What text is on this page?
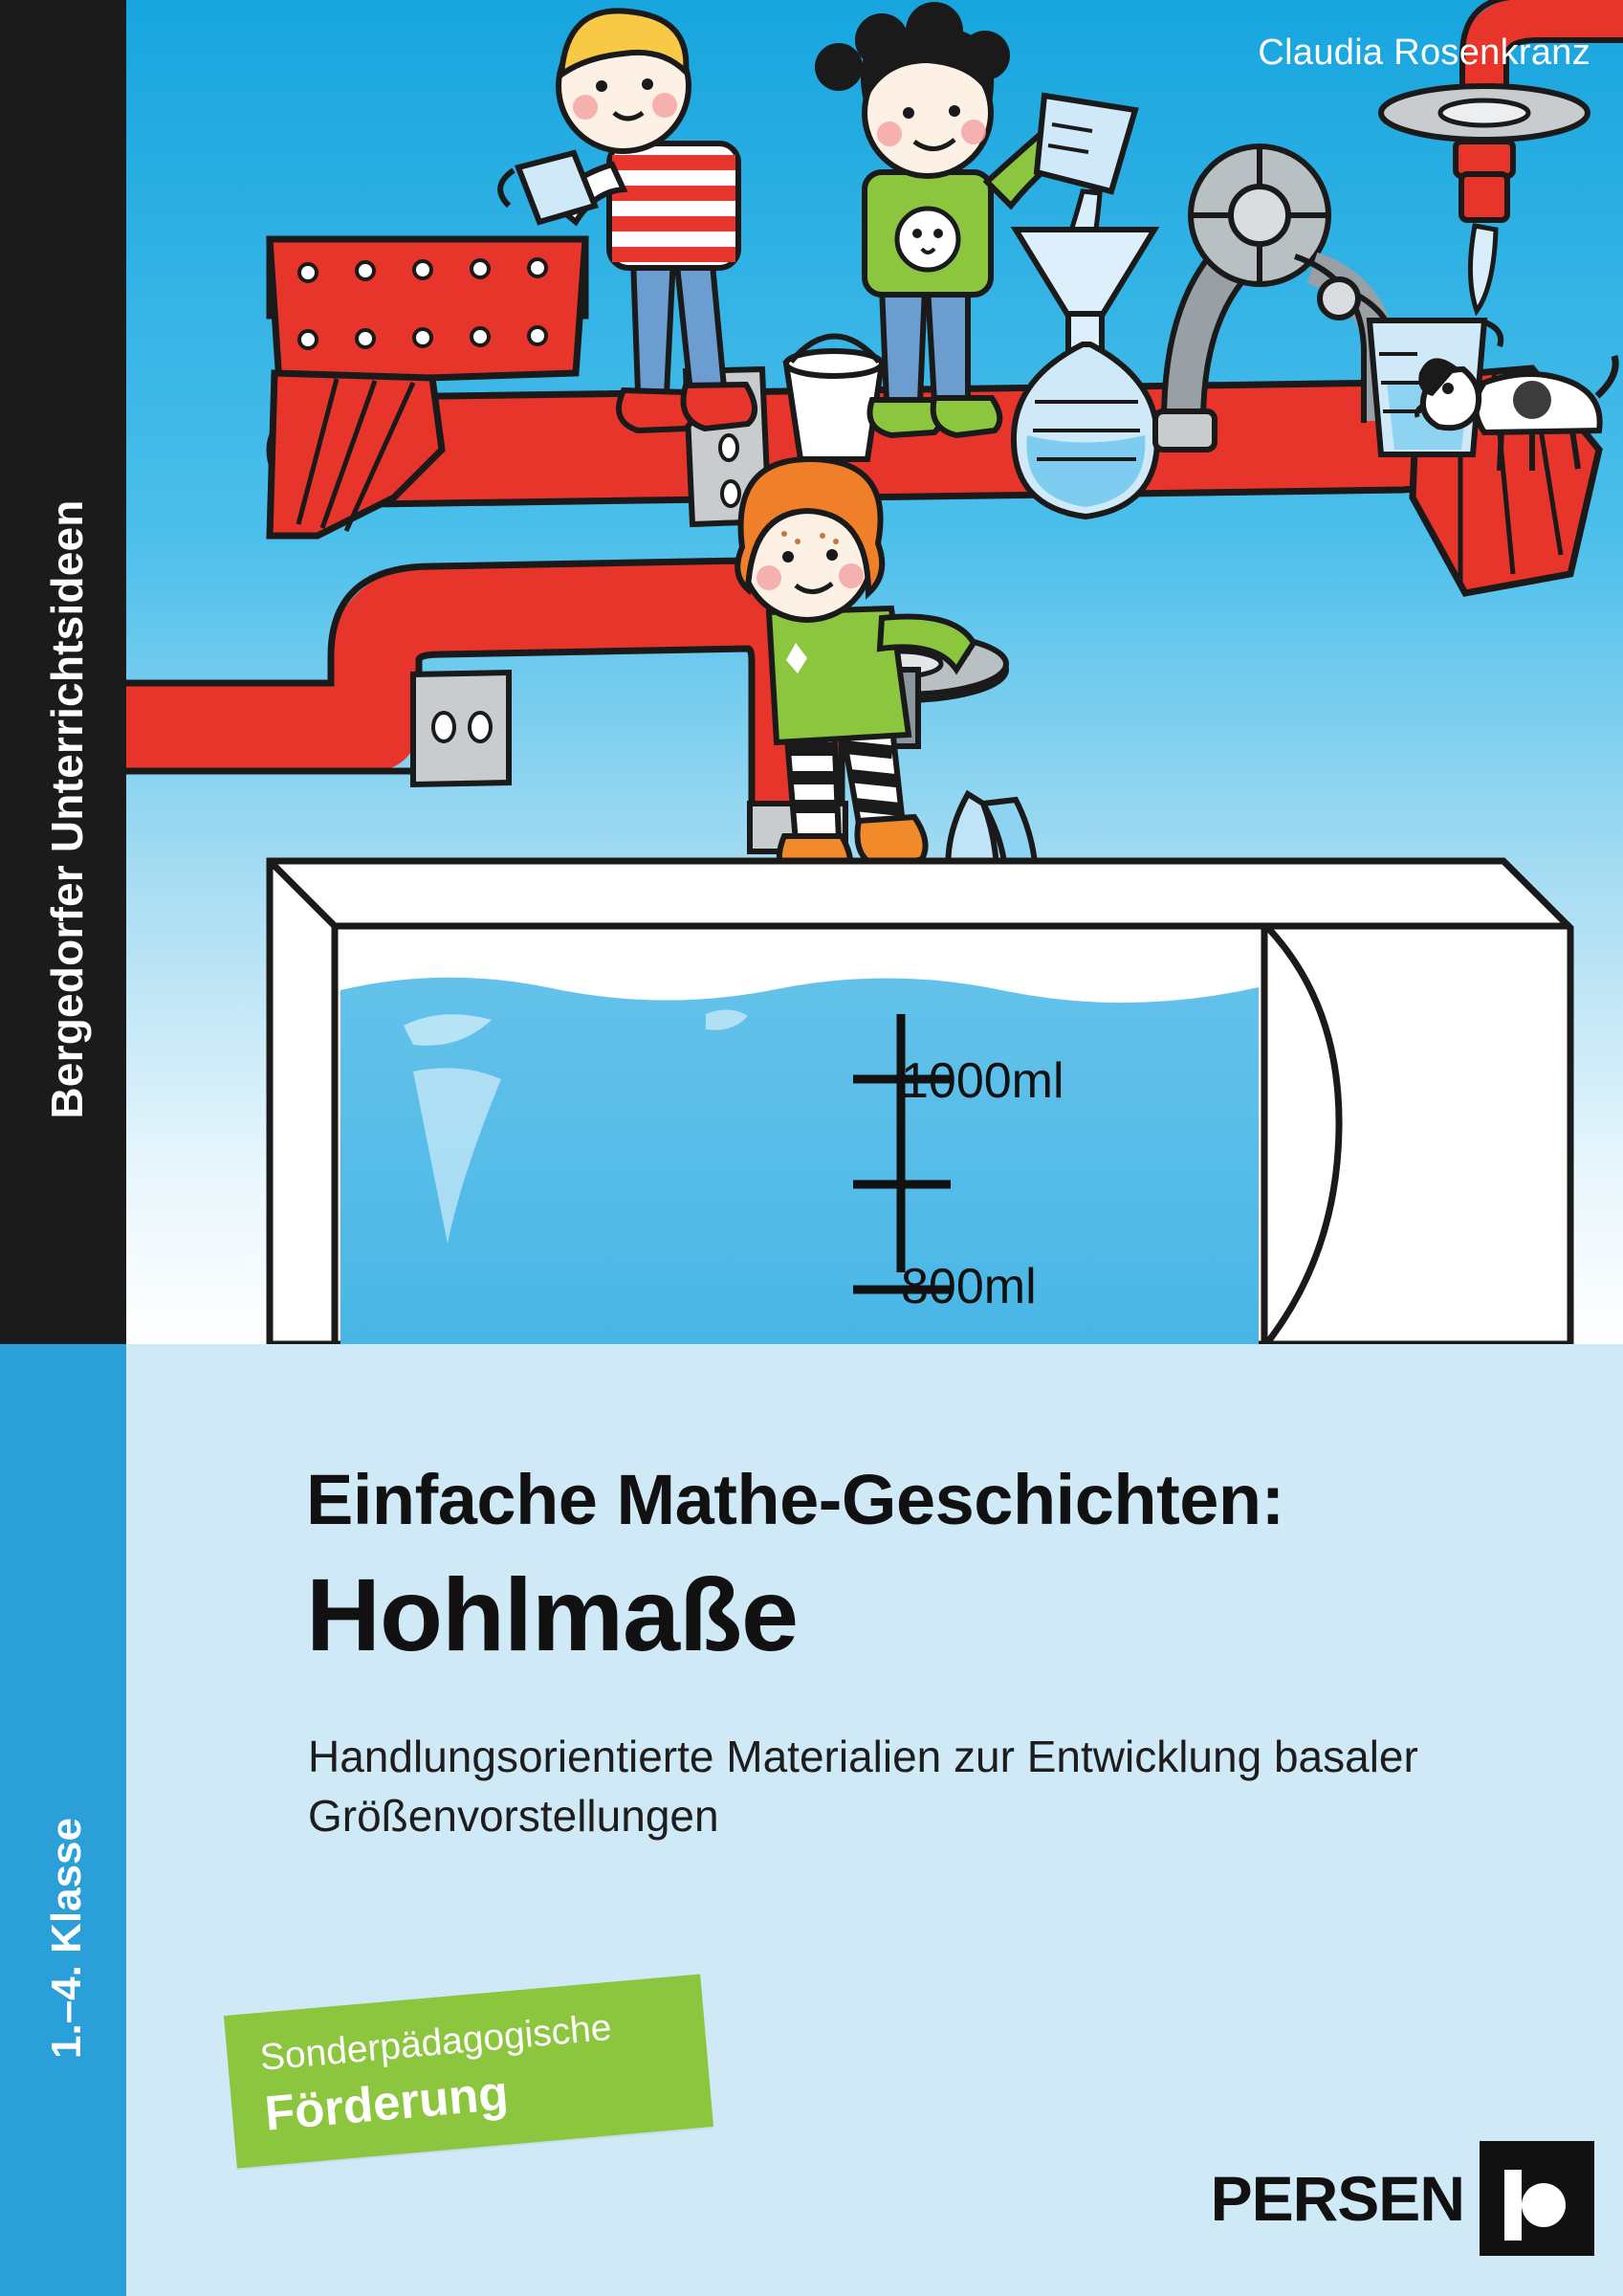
Bergedorfer Unterrichtsideen
1.–4. Klasse
Claudia Rosenkranz
1000ml
800ml
Einfache Mathe-Geschichten:
Hohlmaße
Handlungsorientierte Materialien zur Entwicklung basaler Größenvorstellungen
Sonderpädagogische
Förderung
PERSEN
